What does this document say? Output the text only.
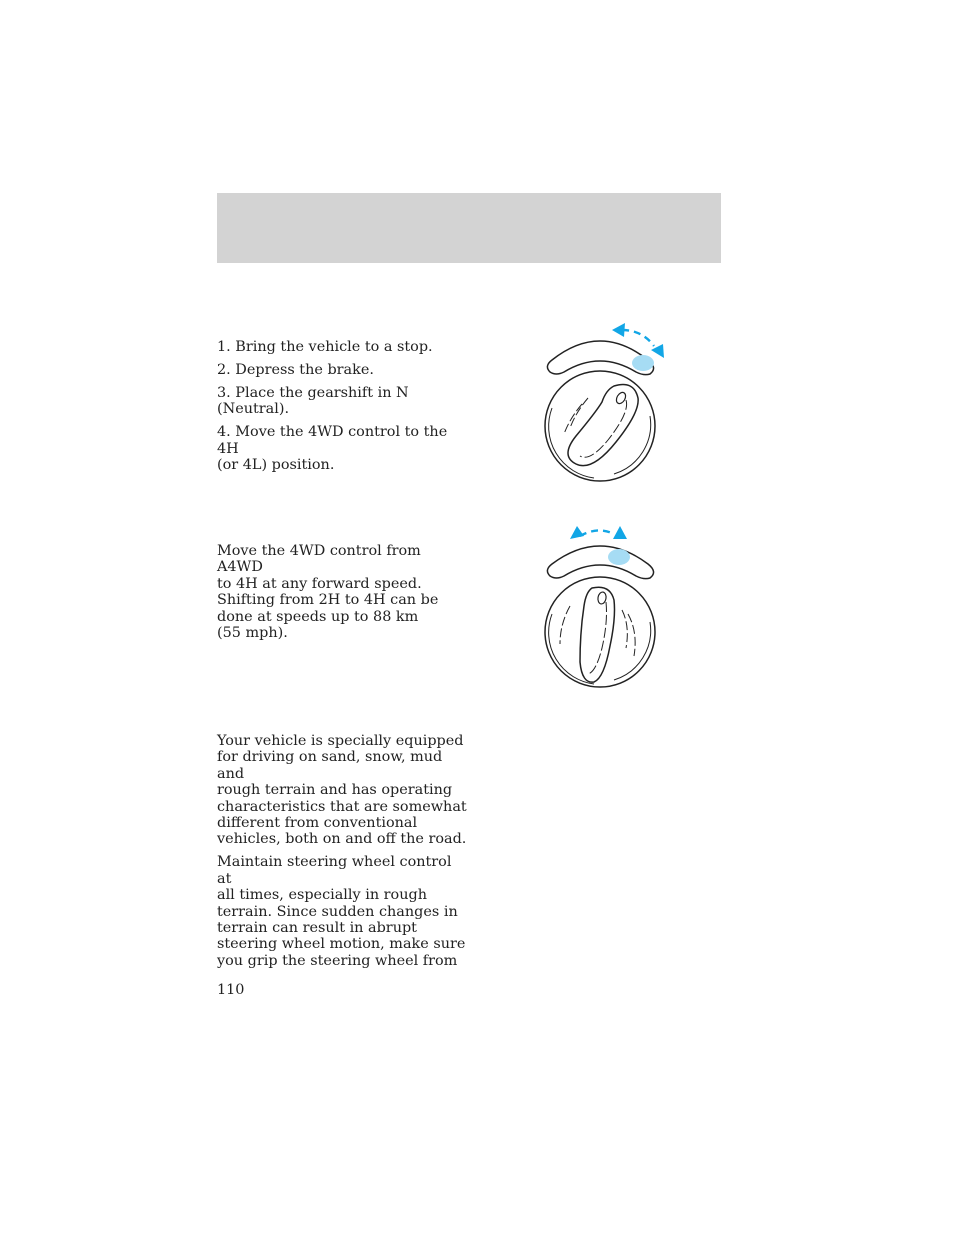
1. Bring the vehicle to a stop.

2. Depress the brake.

3. Place the gearshift in N
(Neutral).

4. Move the 4WD control to the 4H
(or 4L) position.

Move the 4WD control from A4WD
to 4H at any forward speed.
Shifting from 2H to 4H can be
done at speeds up to 88 km
(55 mph).

Your vehicle is specially equipped
for driving on sand, snow, mud and
rough terrain and has operating
characteristics that are somewhat
different from conventional
vehicles, both on and off the road.

Maintain steering wheel control at
all times, especially in rough
terrain. Since sudden changes in
terrain can result in abrupt
steering wheel motion, make sure
you grip the steering wheel from

110
